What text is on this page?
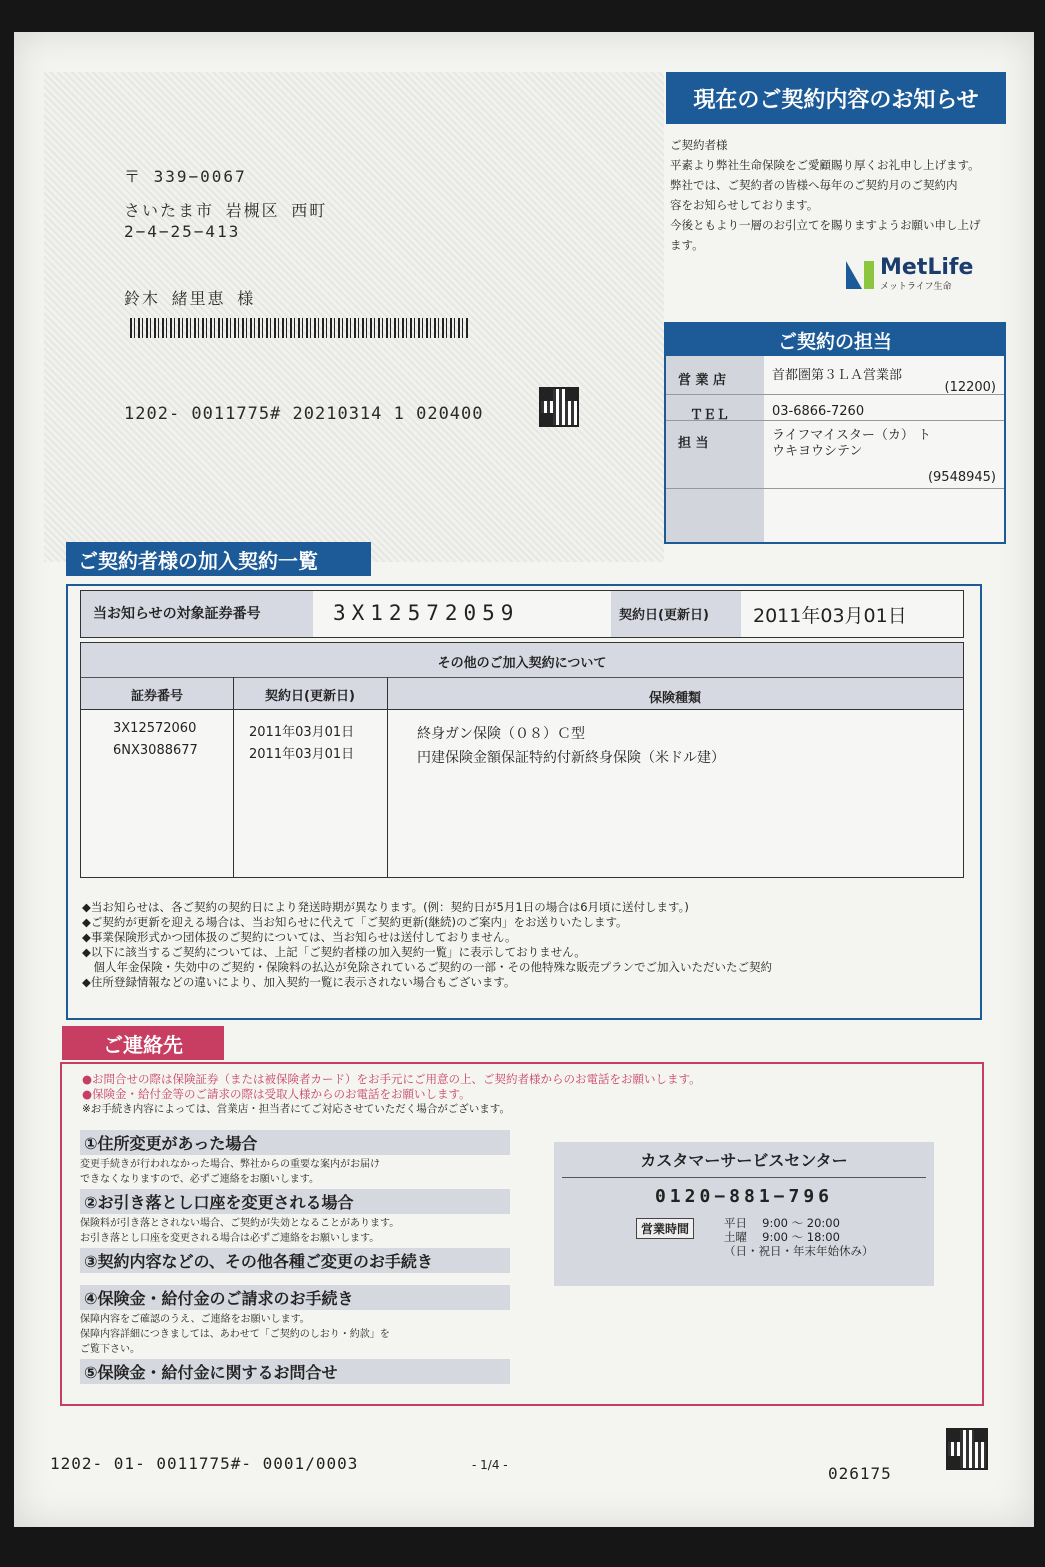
〒 339−0067
さいたま市 岩槻区 西町
2−4−25−413
鈴木 緒里恵 様
1202- 0011775# 20210314 1 020400
現在のご契約内容のお知らせ
ご契約者様
平素より弊社生命保険をご愛顧賜り厚くお礼申し上げます。
弊社では、ご契約者の皆様へ毎年のご契約月のご契約内
容をお知らせしております。
今後ともより一層のお引立てを賜りますようお願い申し上げ
ます。
MetLife
メットライフ生命
ご契約の担当
営 業 店	首都圏第３ＬＡ営業部
(12200)
ＴＥＬ	03-6866-7260
担 当
ライフマイスター（カ） ト
ウキヨウシテン
(9548945)
ご契約者様の加入契約一覧
当お知らせの対象証券番号	3X12572059	契約日(更新日) 2011年03月01日
その他のご加入契約について
証券番号	契約日(更新日)	保険種類
3X12572060	2011年03月01日	終身ガン保険（０８）Ｃ型
6NX3088677	2011年03月01日	円建保険金額保証特約付新終身保険（米ドル建）
◆当お知らせは、各ご契約の契約日により発送時期が異なります。(例：契約日が5月1日の場合は6月頃に送付します。)
◆ご契約が更新を迎える場合は、当お知らせに代えて「ご契約更新(継続)のご案内」をお送りいたします。
◆事業保険形式かつ団体扱のご契約については、当お知らせは送付しておりません。
◆以下に該当するご契約については、上記「ご契約者様の加入契約一覧」に表示しておりません。
　個人年金保険・失効中のご契約・保険料の払込が免除されているご契約の一部・その他特殊な販売プランでご加入いただいたご契約
◆住所登録情報などの違いにより、加入契約一覧に表示されない場合もございます。
ご連絡先
●お問合せの際は保険証券（または被保険者カード）をお手元にご用意の上、ご契約者様からのお電話をお願いします。
●保険金・給付金等のご請求の際は受取人様からのお電話をお願いします。
※お手続き内容によっては、営業店・担当者にてご対応させていただく場合がございます。
①住所変更があった場合
変更手続きが行われなかった場合、弊社からの重要な案内がお届け
できなくなりますので、必ずご連絡をお願いします。
②お引き落とし口座を変更される場合
保険料が引き落とされない場合、ご契約が失効となることがあります。
お引き落とし口座を変更される場合は必ずご連絡をお願いします。
③契約内容などの、その他各種ご変更のお手続き
④保険金・給付金のご請求のお手続き
保障内容をご確認のうえ、ご連絡をお願いします。
保障内容詳細につきましては、あわせて「ご契約のしおり・約款」を
ご覧下さい。
⑤保険金・給付金に関するお問合せ
カスタマーサービスセンター
0120−881−796
営業時間	平日　 9:00 〜 20:00
土曜　 9:00 〜 18:00
（日・祝日・年末年始休み）
1202- 01- 0011775#- 0001/0003	- 1/4 -	026175
